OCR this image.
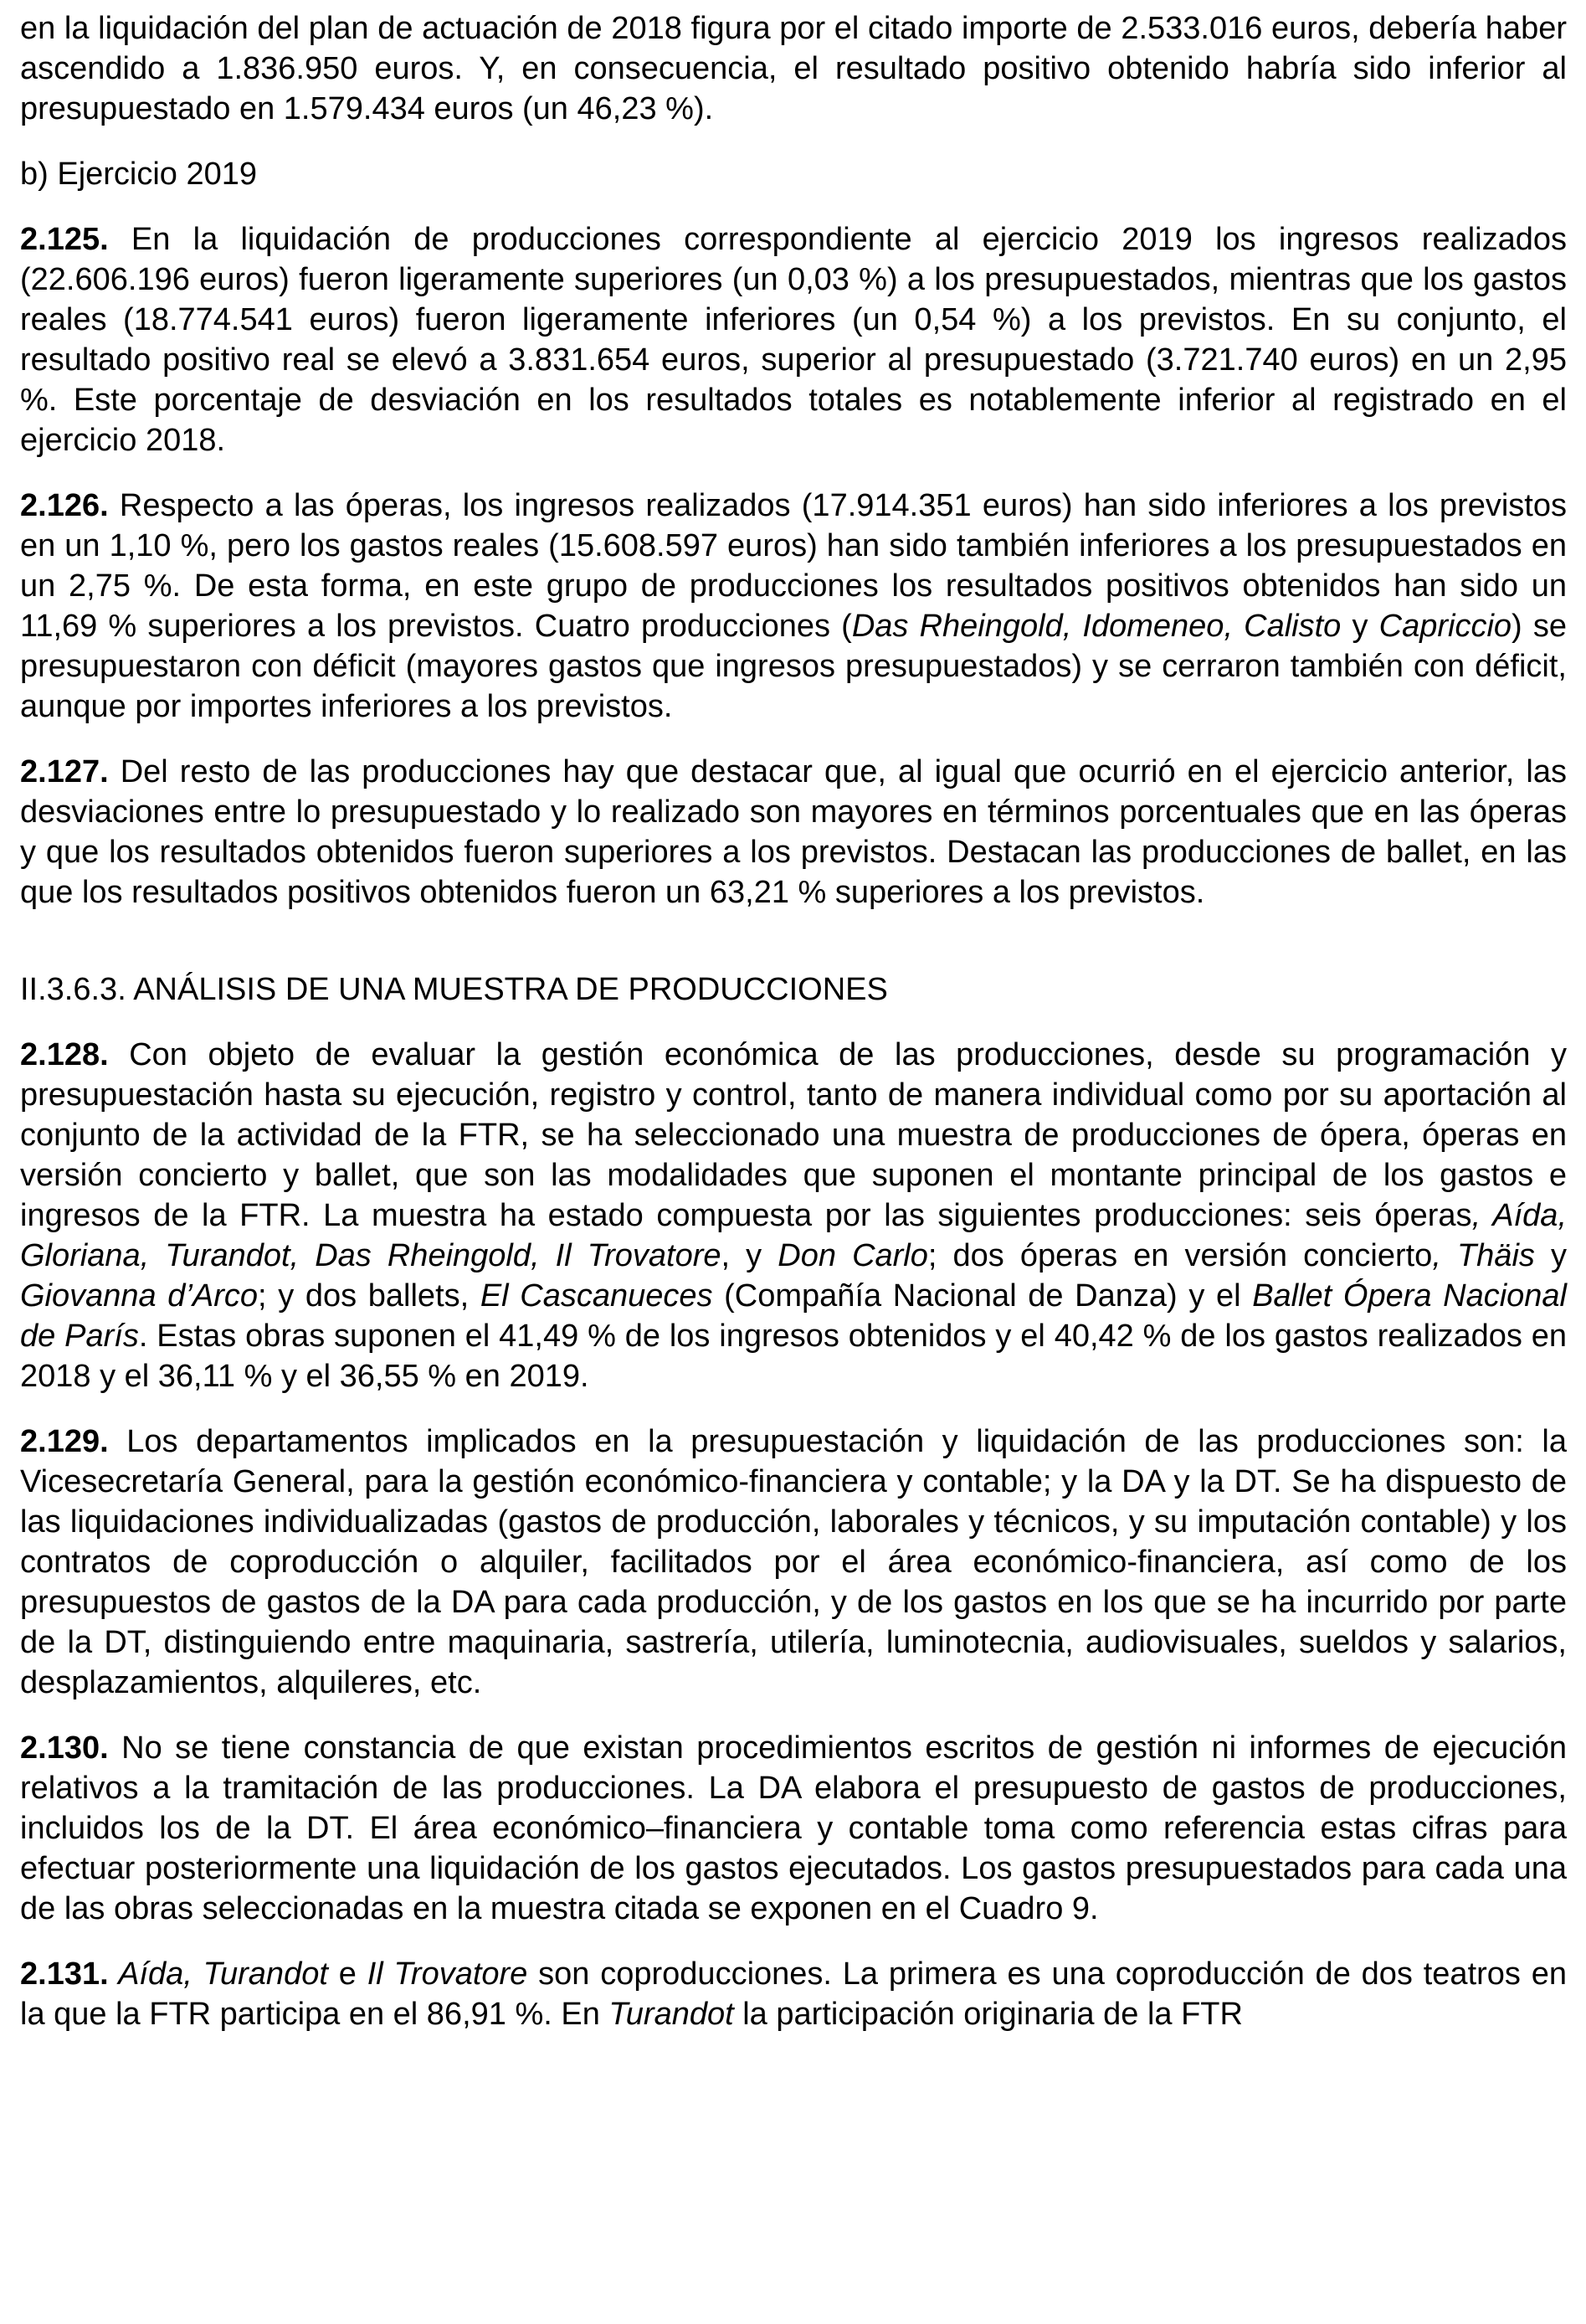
en la liquidación del plan de actuación de 2018 figura por el citado importe de 2.533.016 euros, debería haber ascendido a 1.836.950 euros. Y, en consecuencia, el resultado positivo obtenido habría sido inferior al presupuestado en 1.579.434 euros (un 46,23 %).

b) Ejercicio 2019

2.125. En la liquidación de producciones correspondiente al ejercicio 2019 los ingresos realizados (22.606.196 euros) fueron ligeramente superiores (un 0,03 %) a los presupuestados, mientras que los gastos reales (18.774.541 euros) fueron ligeramente inferiores (un 0,54 %) a los previstos. En su conjunto, el resultado positivo real se elevó a 3.831.654 euros, superior al presupuestado (3.721.740 euros) en un 2,95 %. Este porcentaje de desviación en los resultados totales es notablemente inferior al registrado en el ejercicio 2018.

2.126. Respecto a las óperas, los ingresos realizados (17.914.351 euros) han sido inferiores a los previstos en un 1,10 %, pero los gastos reales (15.608.597 euros) han sido también inferiores a los presupuestados en un 2,75 %. De esta forma, en este grupo de producciones los resultados positivos obtenidos han sido un 11,69 % superiores a los previstos. Cuatro producciones (Das Rheingold, Idomeneo, Calisto y Capriccio) se presupuestaron con déficit (mayores gastos que ingresos presupuestados) y se cerraron también con déficit, aunque por importes inferiores a los previstos.

2.127. Del resto de las producciones hay que destacar que, al igual que ocurrió en el ejercicio anterior, las desviaciones entre lo presupuestado y lo realizado son mayores en términos porcentuales que en las óperas y que los resultados obtenidos fueron superiores a los previstos. Destacan las producciones de ballet, en las que los resultados positivos obtenidos fueron un 63,21 % superiores a los previstos.

II.3.6.3. ANÁLISIS DE UNA MUESTRA DE PRODUCCIONES

2.128. Con objeto de evaluar la gestión económica de las producciones, desde su programación y presupuestación hasta su ejecución, registro y control, tanto de manera individual como por su aportación al conjunto de la actividad de la FTR, se ha seleccionado una muestra de producciones de ópera, óperas en versión concierto y ballet, que son las modalidades que suponen el montante principal de los gastos e ingresos de la FTR. La muestra ha estado compuesta por las siguientes producciones: seis óperas, Aída, Gloriana, Turandot, Das Rheingold, Il Trovatore, y Don Carlo; dos óperas en versión concierto, Thäis y Giovanna d’Arco; y dos ballets, El Cascanueces (Compañía Nacional de Danza) y el Ballet Ópera Nacional de París. Estas obras suponen el 41,49 % de los ingresos obtenidos y el 40,42 % de los gastos realizados en 2018 y el 36,11 % y el 36,55 % en 2019.

2.129. Los departamentos implicados en la presupuestación y liquidación de las producciones son: la Vicesecretaría General, para la gestión económico-financiera y contable; y la DA y la DT. Se ha dispuesto de las liquidaciones individualizadas (gastos de producción, laborales y técnicos, y su imputación contable) y los contratos de coproducción o alquiler, facilitados por el área económico-financiera, así como de los presupuestos de gastos de la DA para cada producción, y de los gastos en los que se ha incurrido por parte de la DT, distinguiendo entre maquinaria, sastrería, utilería, luminotecnia, audiovisuales, sueldos y salarios, desplazamientos, alquileres, etc.

2.130. No se tiene constancia de que existan procedimientos escritos de gestión ni informes de ejecución relativos a la tramitación de las producciones. La DA elabora el presupuesto de gastos de producciones, incluidos los de la DT. El área económico–financiera y contable toma como referencia estas cifras para efectuar posteriormente una liquidación de los gastos ejecutados. Los gastos presupuestados para cada una de las obras seleccionadas en la muestra citada se exponen en el Cuadro 9.

2.131. Aída, Turandot e Il Trovatore son coproducciones. La primera es una coproducción de dos teatros en la que la FTR participa en el 86,91 %. En Turandot la participación originaria de la FTR
